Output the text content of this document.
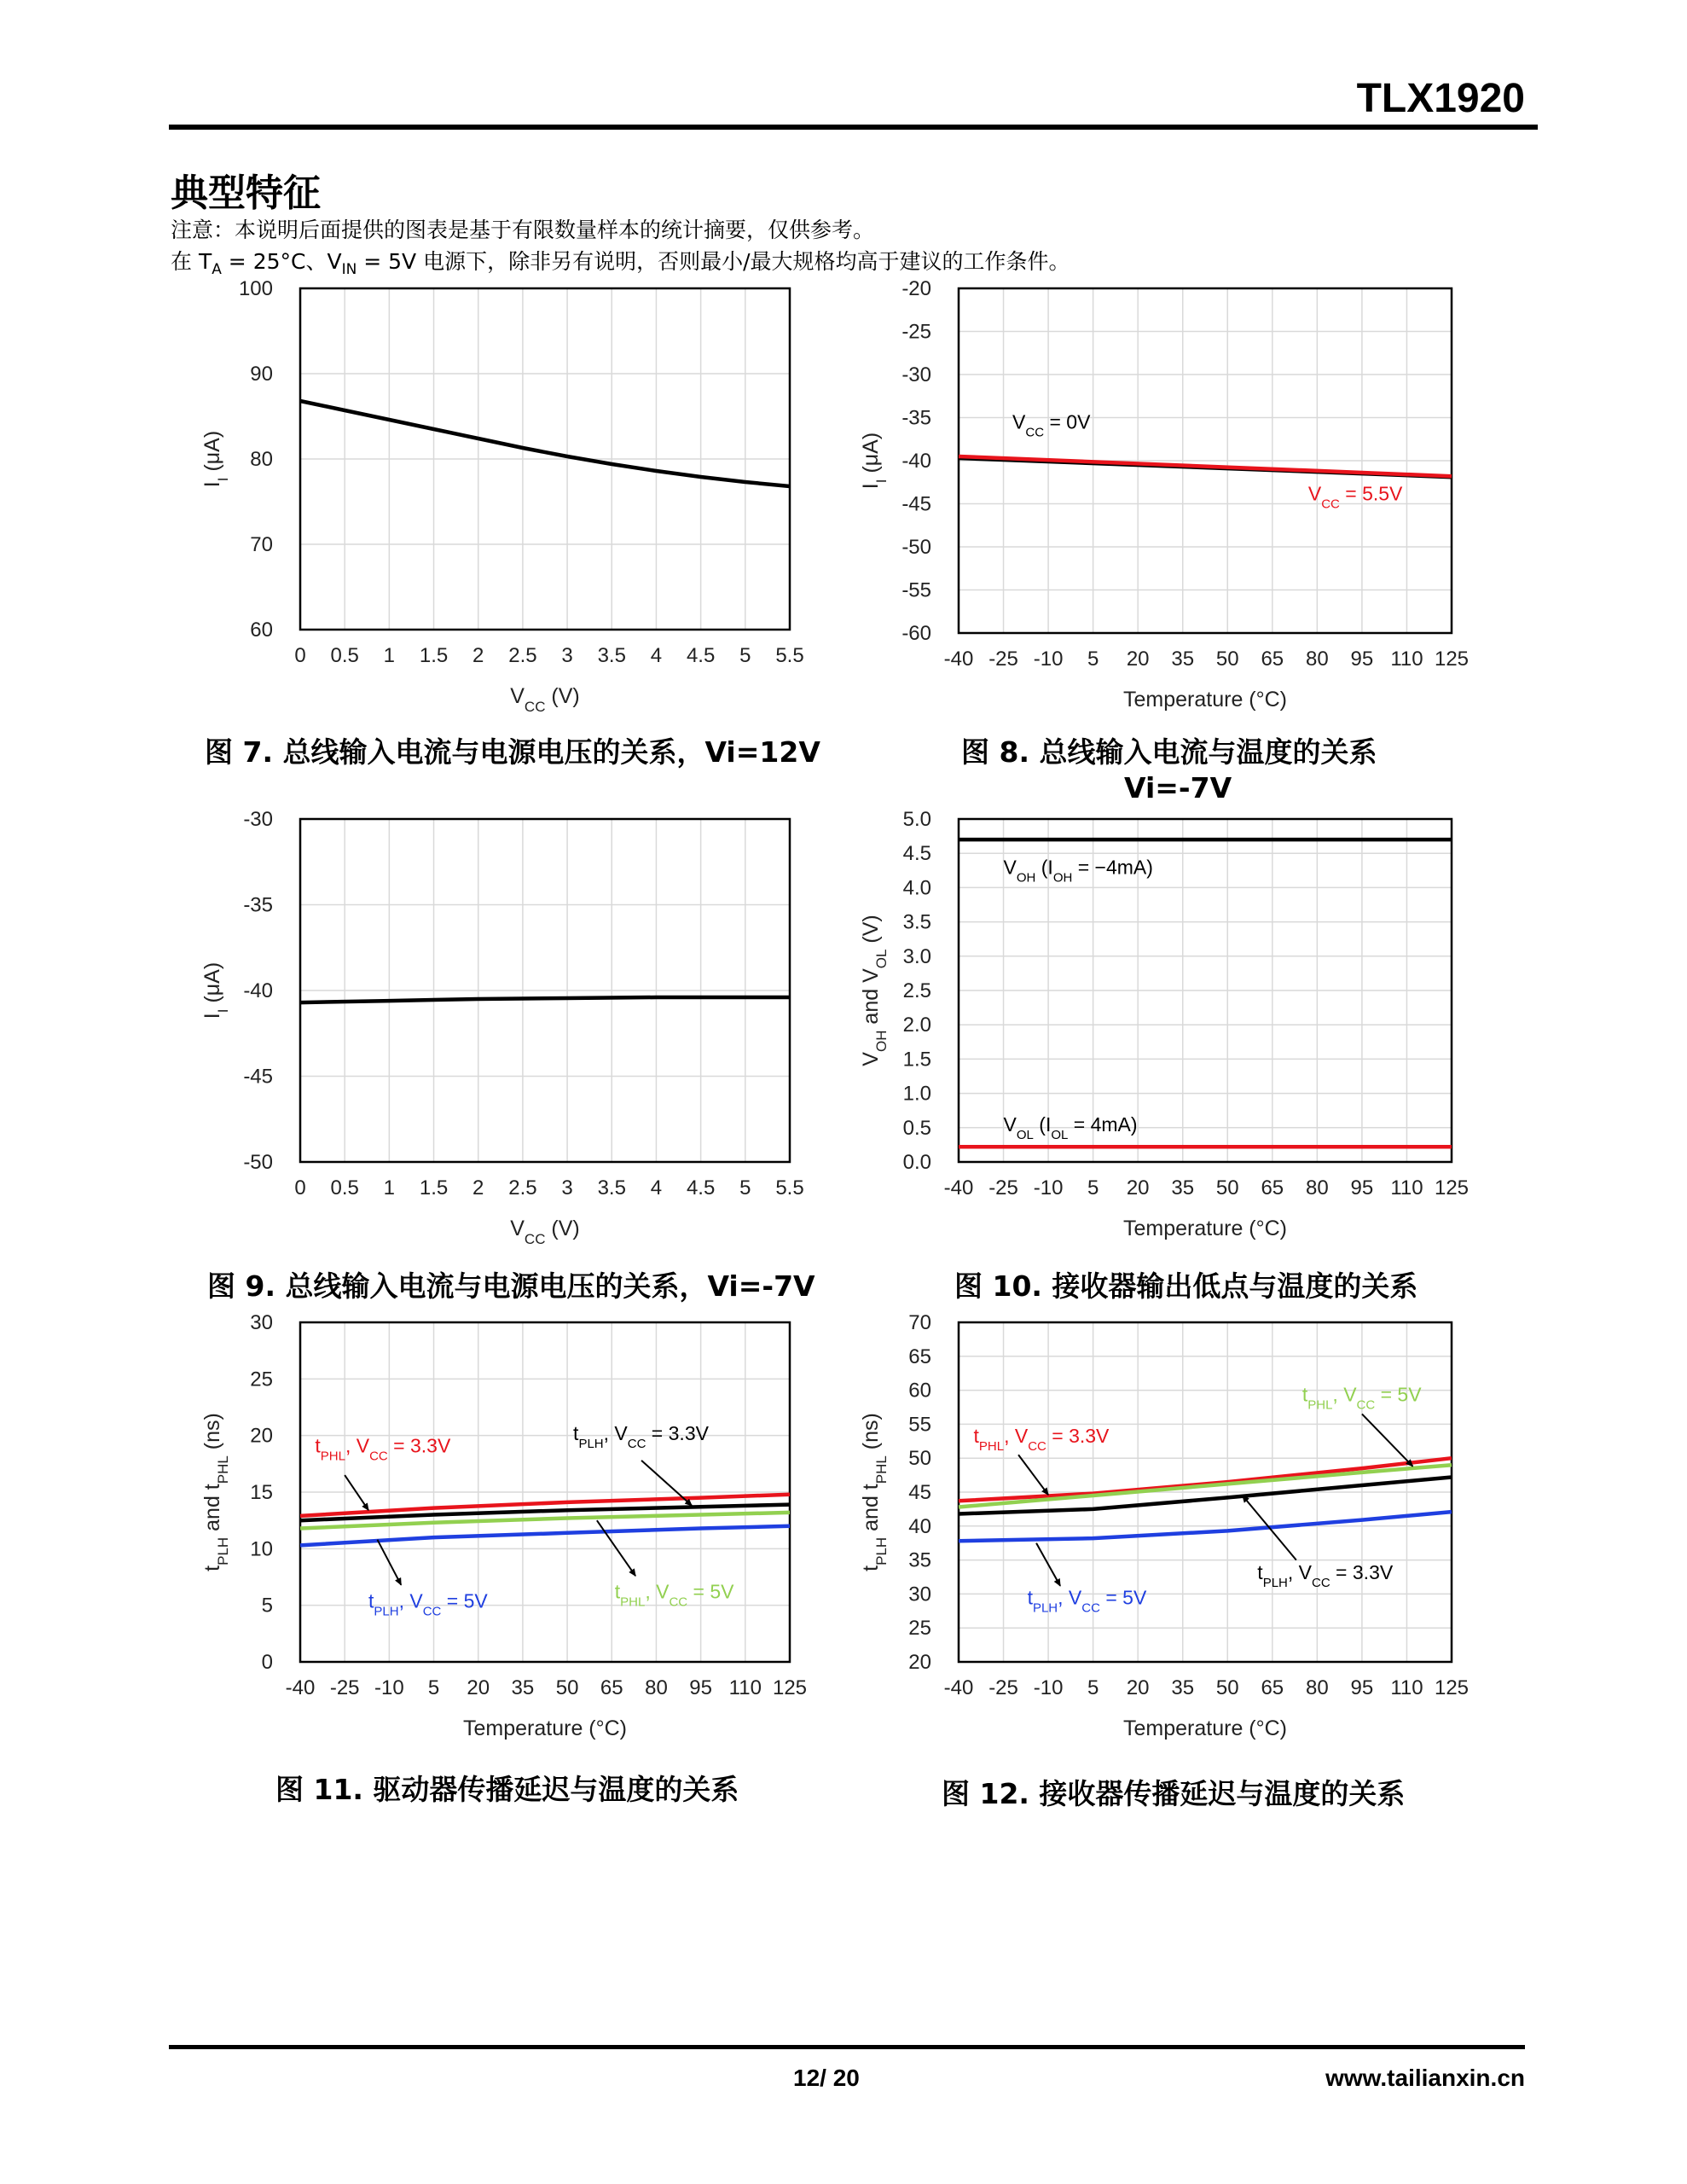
TLX1920
典型特征
注意：本说明后面提供的图表是基于有限数量样本的统计摘要，仅供参考。
在 $T_A = 25^\circ C$、$V_{IN} = 5V$ 电源下，除非另有说明，否则最小/最大规格均高于建议的工作条件。
60
70
80
90
100
0 0.5 1 1.5 2 2.5 3 3.5 4 4.5 5 5.5
$V_{CC}$ (V)
$I_I$ (μA)
-60
-55
-50
-45
-40
-35
-30
-25
-20
-40 -25 -10 5 20 35 50 65 80 95 110 125
Temperature (°C)
$I_I$ (μA)
$V_{CC} = 0V$
$V_{CC} = 5.5V$
-50
-45
-40
-35
-30
0 0.5 1 1.5 2 2.5 3 3.5 4 4.5 5 5.5
$V_{CC}$ (V)
$I_I$ (μA)
0.0
0.5
1.0
1.5
2.0
2.5
3.0
3.5
4.0
4.5
5.0
-40 -25 -10 5 20 35 50 65 80 95 110 125
Temperature (°C)
$V_{OH}$ and $V_{OL}$ (V)
$V_{OH}$ $(I_{OH} = -4mA)$
$V_{OL}$ $(I_{OL} = 4mA)$
0
5
10
15
20
25
30
-40 -25 -10 5 20 35 50 65 80 95 110 125
Temperature (°C)
$t_{PLH}$ and $t_{PHL}$ (ns)	$t_{PHL}$, $V_{CC} = 3.3V$
$t_{PLH}$, $V_{CC} = 3.3V$
$t_{PLH}$, $V_{CC} = 5V$	$t_{PHL}$, $V_{CC} = 5V$
20
25
30
35
40
45
50
55
60
65
70
-40 -25 -10 5 20 35 50 65 80 95 110 125
Temperature (°C)
$t_{PLH}$ and $t_{PHL}$ (ns)	$t_{PHL}$, $V_{CC} = 3.3V$
$t_{PHL}$, $V_{CC} = 5V$
$t_{PLH}$, $V_{CC} = 3.3V$
$t_{PLH}$, $V_{CC} = 5V$
图 7. 总线输入电流与电源电压的关系，Vi=12V	图 8. 总线输入电流与温度的关系
Vi=-7V
图 9. 总线输入电流与电源电压的关系，Vi=-7V	图 10. 接收器输出低点与温度的关系
图 11. 驱动器传播延迟与温度的关系	图 12. 接收器传播延迟与温度的关系
12/ 20	www.tailianxin.cn
